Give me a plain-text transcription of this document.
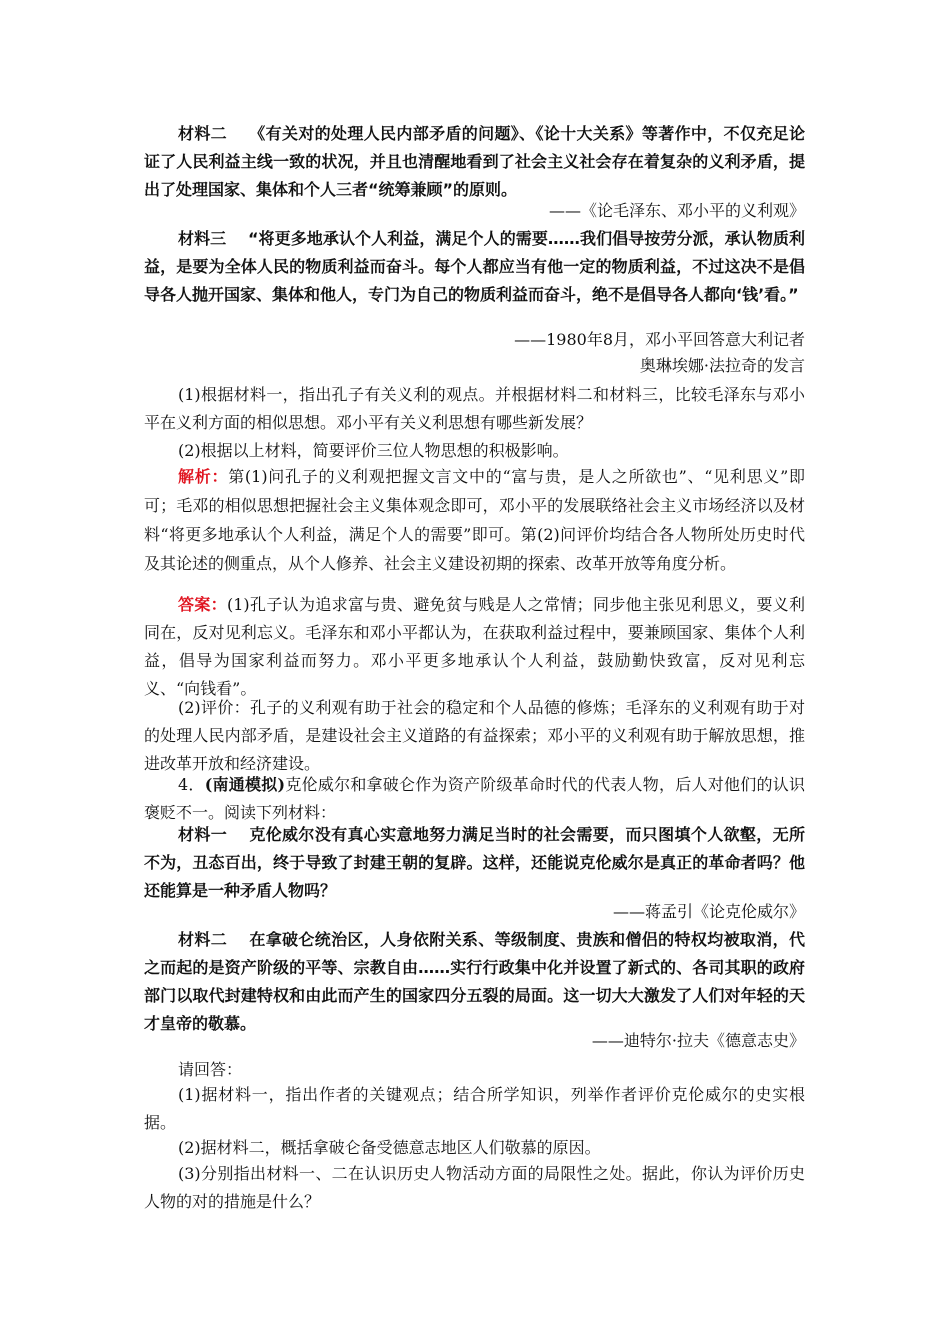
材料二　 《有关对的处理人民内部矛盾的问题》、《论十大关系》等著作中，不仅充足论证了人民利益主线一致的状况，并且也清醒地看到了社会主义社会存在着复杂的义利矛盾，提出了处理国家、集体和个人三者“统筹兼顾”的原则。

——《论毛泽东、邓小平的义利观》

材料三　 “将更多地承认个人利益，满足个人的需要……我们倡导按劳分派，承认物质利益，是要为全体人民的物质利益而奋斗。每个人都应当有他一定的物质利益，不过这决不是倡导各人抛开国家、集体和他人，专门为自己的物质利益而奋斗，绝不是倡导各人都向‘钱’看。”

——1980年8月，邓小平回答意大利记者

奥琳埃娜·法拉奇的发言

(1)根据材料一，指出孔子有关义利的观点。并根据材料二和材料三，比较毛泽东与邓小平在义利方面的相似思想。邓小平有关义利思想有哪些新发展？

(2)根据以上材料，简要评价三位人物思想的积极影响。

解析：第(1)问孔子的义利观把握文言文中的“富与贵，是人之所欲也”、“见利思义”即可；毛邓的相似思想把握社会主义集体观念即可，邓小平的发展联络社会主义市场经济以及材料“将更多地承认个人利益，满足个人的需要”即可。第(2)问评价均结合各人物所处历史时代及其论述的侧重点，从个人修养、社会主义建设初期的探索、改革开放等角度分析。

答案：(1)孔子认为追求富与贵、避免贫与贱是人之常情；同步他主张见利思义，要义利同在，反对见利忘义。毛泽东和邓小平都认为，在获取利益过程中，要兼顾国家、集体个人利益，倡导为国家利益而努力。邓小平更多地承认个人利益，鼓励勤快致富，反对见利忘义、“向钱看”。

(2)评价：孔子的义利观有助于社会的稳定和个人品德的修炼；毛泽东的义利观有助于对的处理人民内部矛盾，是建设社会主义道路的有益探索；邓小平的义利观有助于解放思想，推进改革开放和经济建设。

4．(南通模拟)克伦威尔和拿破仑作为资产阶级革命时代的代表人物，后人对他们的认识褒贬不一。阅读下列材料：

材料一　 克伦威尔没有真心实意地努力满足当时的社会需要，而只图填个人欲壑，无所不为，丑态百出，终于导致了封建王朝的复辟。这样，还能说克伦威尔是真正的革命者吗？他还能算是一种矛盾人物吗？

——蒋孟引《论克伦威尔》

材料二　 在拿破仑统治区，人身依附关系、等级制度、贵族和僧侣的特权均被取消，代之而起的是资产阶级的平等、宗教自由……实行行政集中化并设置了新式的、各司其职的政府部门以取代封建特权和由此而产生的国家四分五裂的局面。这一切大大激发了人们对年轻的天才皇帝的敬慕。

——迪特尔·拉夫《德意志史》

请回答：

(1)据材料一，指出作者的关键观点；结合所学知识，列举作者评价克伦威尔的史实根据。

(2)据材料二，概括拿破仑备受德意志地区人们敬慕的原因。

(3)分别指出材料一、二在认识历史人物活动方面的局限性之处。据此，你认为评价历史人物的对的措施是什么？
